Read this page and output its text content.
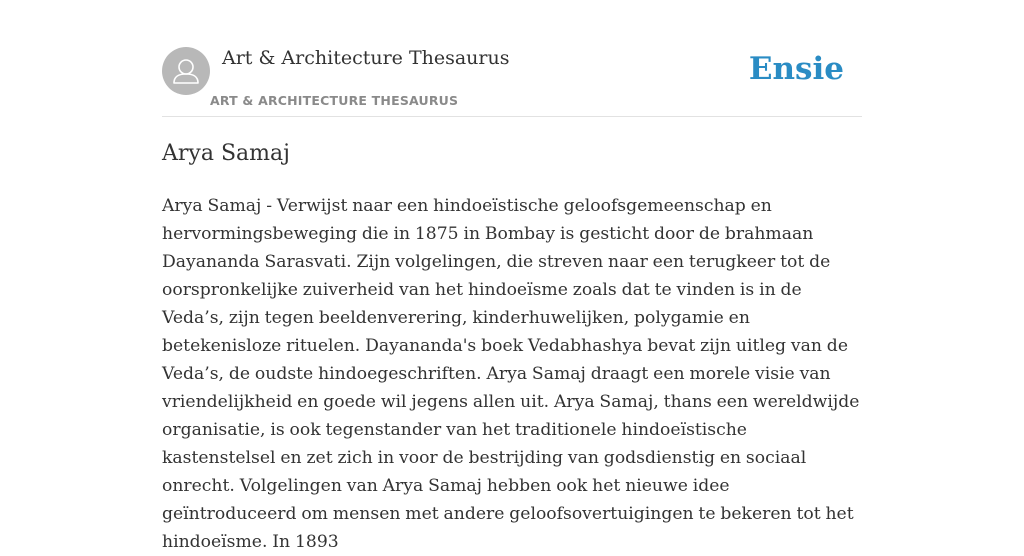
Art & Architecture Thesaurus
ART & ARCHITECTURE THESAURUS
Ensie
Arya Samaj

Arya Samaj - Verwijst naar een hindoeïstische geloofsgemeenschap en hervormingsbeweging die in 1875 in Bombay is gesticht door de brahmaan Dayananda Sarasvati. Zijn volgelingen, die streven naar een terugkeer tot de oorspronkelijke zuiverheid van het hindoeïsme zoals dat te vinden is in de Veda’s, zijn tegen beeldenverering, kinderhuwelijken, polygamie en betekenisloze rituelen. Dayananda's boek Vedabhashya bevat zijn uitleg van de Veda’s, de oudste hindoegeschriften. Arya Samaj draagt een morele visie van vriendelijkheid en goede wil jegens allen uit. Arya Samaj, thans een wereldwijde organisatie, is ook tegenstander van het traditionele hindoeïstische kastenstelsel en zet zich in voor de bestrijding van godsdienstig en sociaal onrecht. Volgelingen van Arya Samaj hebben ook het nieuwe idee geïntroduceerd om mensen met andere geloofsovertuigingen te bekeren tot het hindoeïsme. In 1893
